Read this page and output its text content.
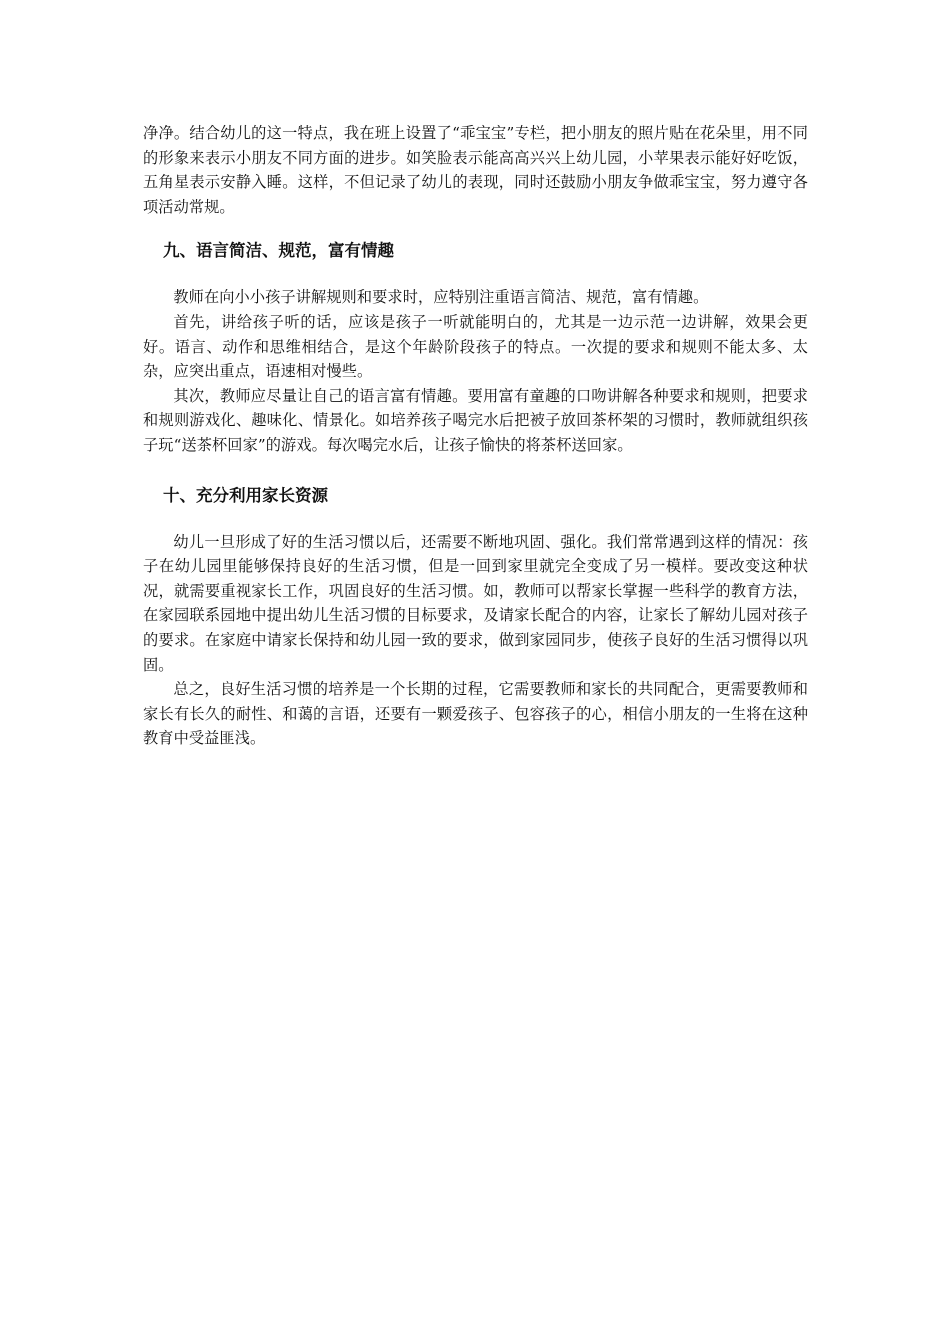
净净。结合幼儿的这一特点，我在班上设置了“乖宝宝”专栏，把小朋友的照片贴在花朵里，用不同的形象来表示小朋友不同方面的进步。如笑脸表示能高高兴兴上幼儿园，小苹果表示能好好吃饭，五角星表示安静入睡。这样，不但记录了幼儿的表现，同时还鼓励小朋友争做乖宝宝，努力遵守各项活动常规。

九、语言简洁、规范，富有情趣

教师在向小小孩子讲解规则和要求时，应特别注重语言简洁、规范，富有情趣。

首先，讲给孩子听的话，应该是孩子一听就能明白的，尤其是一边示范一边讲解，效果会更好。语言、动作和思维相结合，是这个年龄阶段孩子的特点。一次提的要求和规则不能太多、太杂，应突出重点，语速相对慢些。

其次，教师应尽量让自己的语言富有情趣。要用富有童趣的口吻讲解各种要求和规则，把要求和规则游戏化、趣味化、情景化。如培养孩子喝完水后把被子放回茶杯架的习惯时，教师就组织孩子玩“送茶杯回家”的游戏。每次喝完水后，让孩子愉快的将茶杯送回家。

十、充分利用家长资源

幼儿一旦形成了好的生活习惯以后，还需要不断地巩固、强化。我们常常遇到这样的情况：孩子在幼儿园里能够保持良好的生活习惯，但是一回到家里就完全变成了另一模样。要改变这种状况，就需要重视家长工作，巩固良好的生活习惯。如，教师可以帮家长掌握一些科学的教育方法，在家园联系园地中提出幼儿生活习惯的目标要求，及请家长配合的内容，让家长了解幼儿园对孩子的要求。在家庭中请家长保持和幼儿园一致的要求，做到家园同步，使孩子良好的生活习惯得以巩固。

总之，良好生活习惯的培养是一个长期的过程，它需要教师和家长的共同配合，更需要教师和家长有长久的耐性、和蔼的言语，还要有一颗爱孩子、包容孩子的心，相信小朋友的一生将在这种教育中受益匪浅。
